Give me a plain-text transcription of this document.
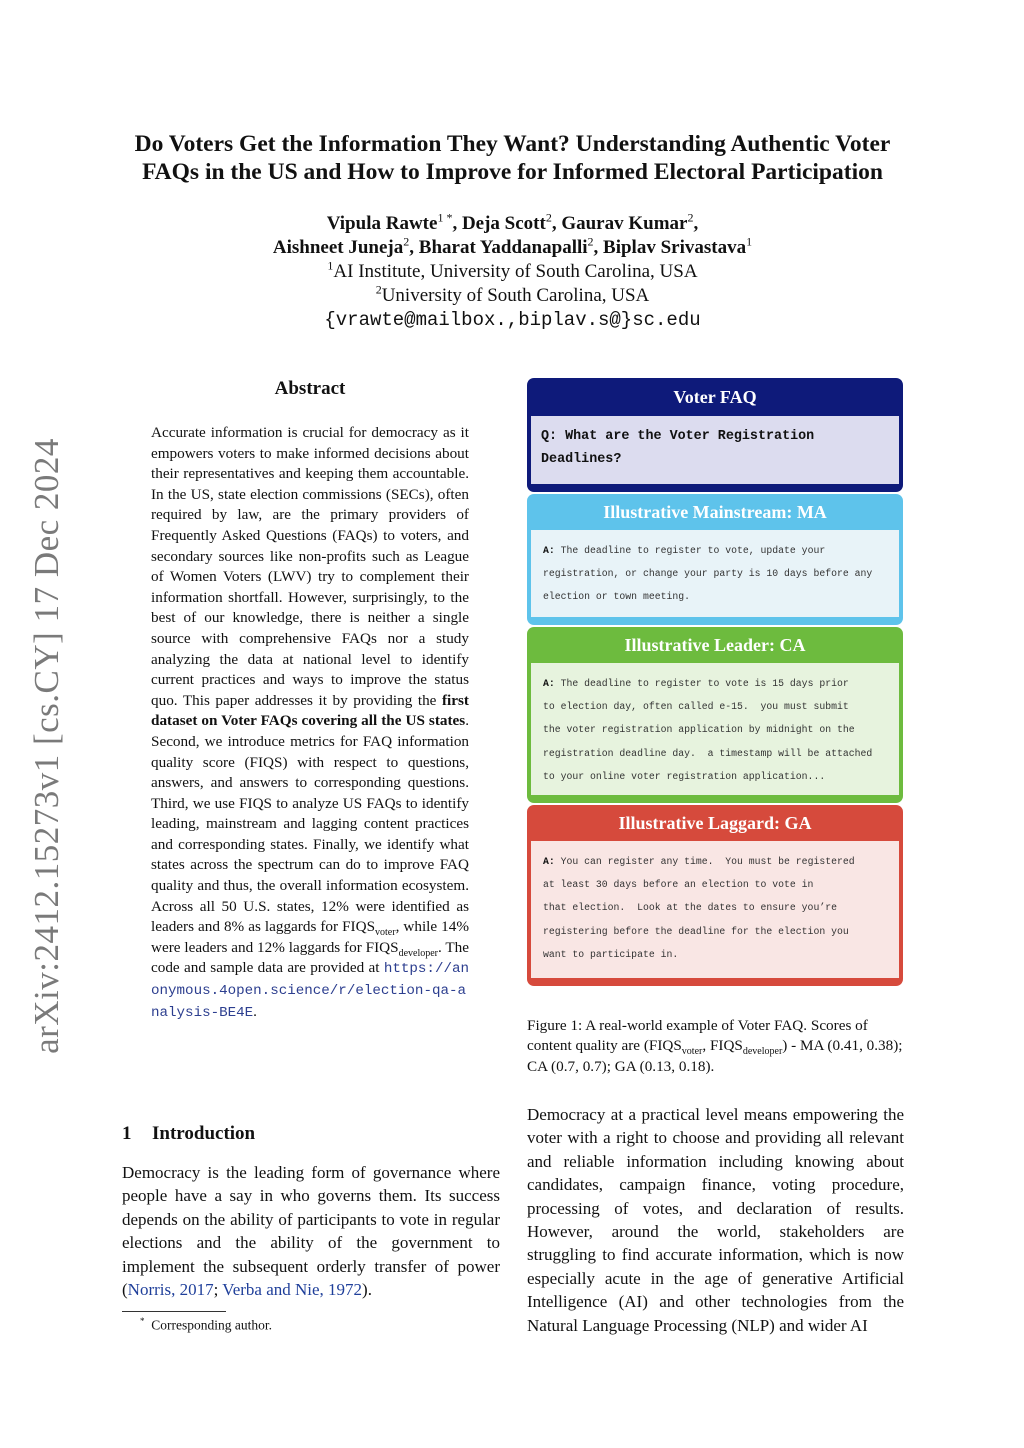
arXiv:2412.15273v1 [cs.CY] 17 Dec 2024
Do Voters Get the Information They Want? Understanding Authentic Voter FAQs in the US and How to Improve for Informed Electoral Participation
Vipula Rawte$^{1 *}$, Deja Scott$^2$, Gaurav Kumar$^2$,
Aishneet Juneja$^2$, Bharat Yaddanapalli$^2$, Biplav Srivastava$^1$
$^1$AI Institute, University of South Carolina, USA
$^2$University of South Carolina, USA
{vrawte@mailbox.,biplav.s@}sc.edu
Abstract
Accurate information is crucial for democracy as it empowers voters to make informed decisions about their representatives and keeping them accountable. In the US, state election commissions (SECs), often required by law, are the primary providers of Frequently Asked Questions (FAQs) to voters, and secondary sources like non-profits such as League of Women Voters (LWV) try to complement their information shortfall. However, surprisingly, to the best of our knowledge, there is neither a single source with comprehensive FAQs nor a study analyzing the data at national level to identify current practices and ways to improve the status quo. This paper addresses it by providing the first dataset on Voter FAQs covering all the US states. Second, we introduce metrics for FAQ information quality score (FIQS) with respect to questions, answers, and answers to corresponding questions. Third, we use FIQS to analyze US FAQs to identify leading, mainstream and lagging content practices and corresponding states. Finally, we identify what states across the spectrum can do to improve FAQ quality and thus, the overall information ecosystem. Across all 50 U.S. states, 12% were identified as leaders and 8% as laggards for $FIQS_{voter}$, while 14% were leaders and 12% laggards for $FIQS_{developer}$. The code and sample data are provided at https://anonymous.4open.science/r/election-qa-analysis-BE4E.
1 Introduction
Democracy is the leading form of governance where people have a say in who governs them. Its success depends on the ability of participants to vote in regular elections and the ability of the government to implement the subsequent orderly transfer of power (Norris, 2017; Verba and Nie, 1972).
* Corresponding author.
Voter FAQ
Q: What are the Voter Registration Deadlines?
Illustrative Mainstream: MA
A: The deadline to register to vote, update your
registration, or change your party is 10 days before any
election or town meeting.
Illustrative Leader: CA
A: The deadline to register to vote is 15 days prior
to election day, often called e-15.  you must submit
the voter registration application by midnight on the
registration deadline day.  a timestamp will be attached
to your online voter registration application...
Illustrative Laggard: GA
A: You can register any time.  You must be registered
at least 30 days before an election to vote in
that election.  Look at the dates to ensure you’re
registering before the deadline for the election you
want to participate in.
Figure 1: A real-world example of Voter FAQ. Scores of content quality are ($FIQS_{voter}$, $FIQS_{developer}$) - MA (0.41, 0.38); CA (0.7, 0.7); GA (0.13, 0.18).
Democracy at a practical level means empowering the voter with a right to choose and providing all relevant and reliable information including knowing about candidates, campaign finance, voting procedure, processing of votes, and declaration of results. However, around the world, stakeholders are struggling to find accurate information, which is now especially acute in the age of generative Artificial Intelligence (AI) and other technologies from the Natural Language Processing (NLP) and wider AI
